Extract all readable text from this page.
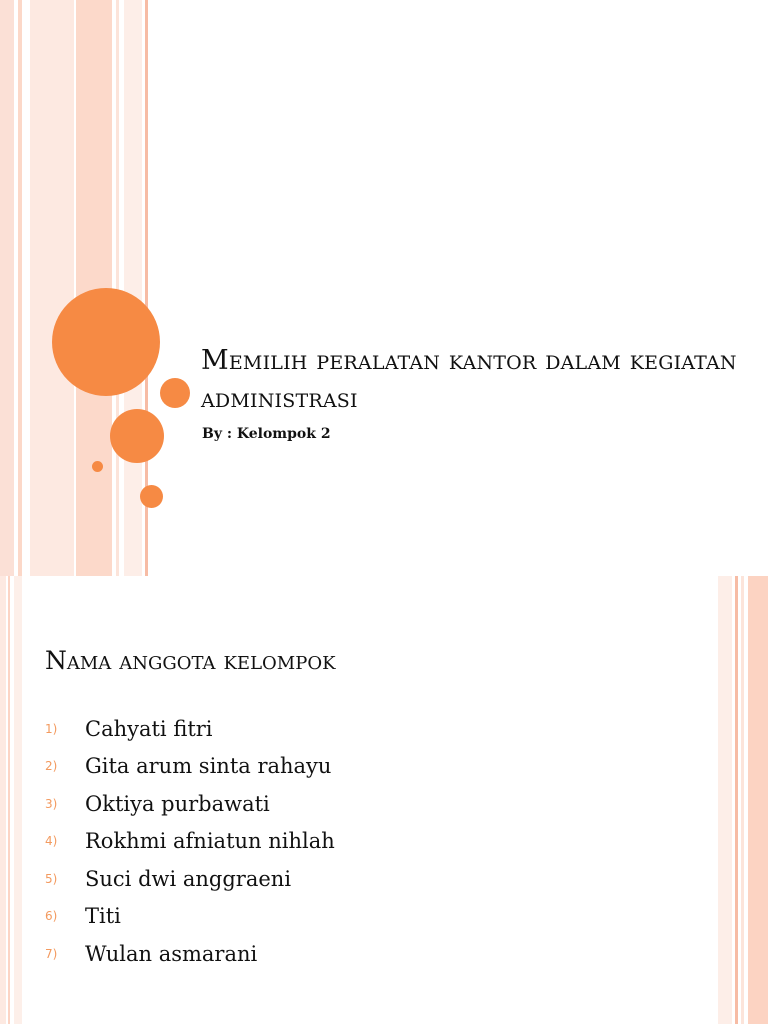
Memilih peralatan kantor dalam kegiatan administrasi

By : Kelompok 2

Nama anggota kelompok
1)	Cahyati fitri
2)	Gita arum sinta rahayu
3)	Oktiya purbawati
4)	Rokhmi afniatun nihlah
5)	Suci dwi anggraeni
6)	Titi
7)	Wulan asmarani
